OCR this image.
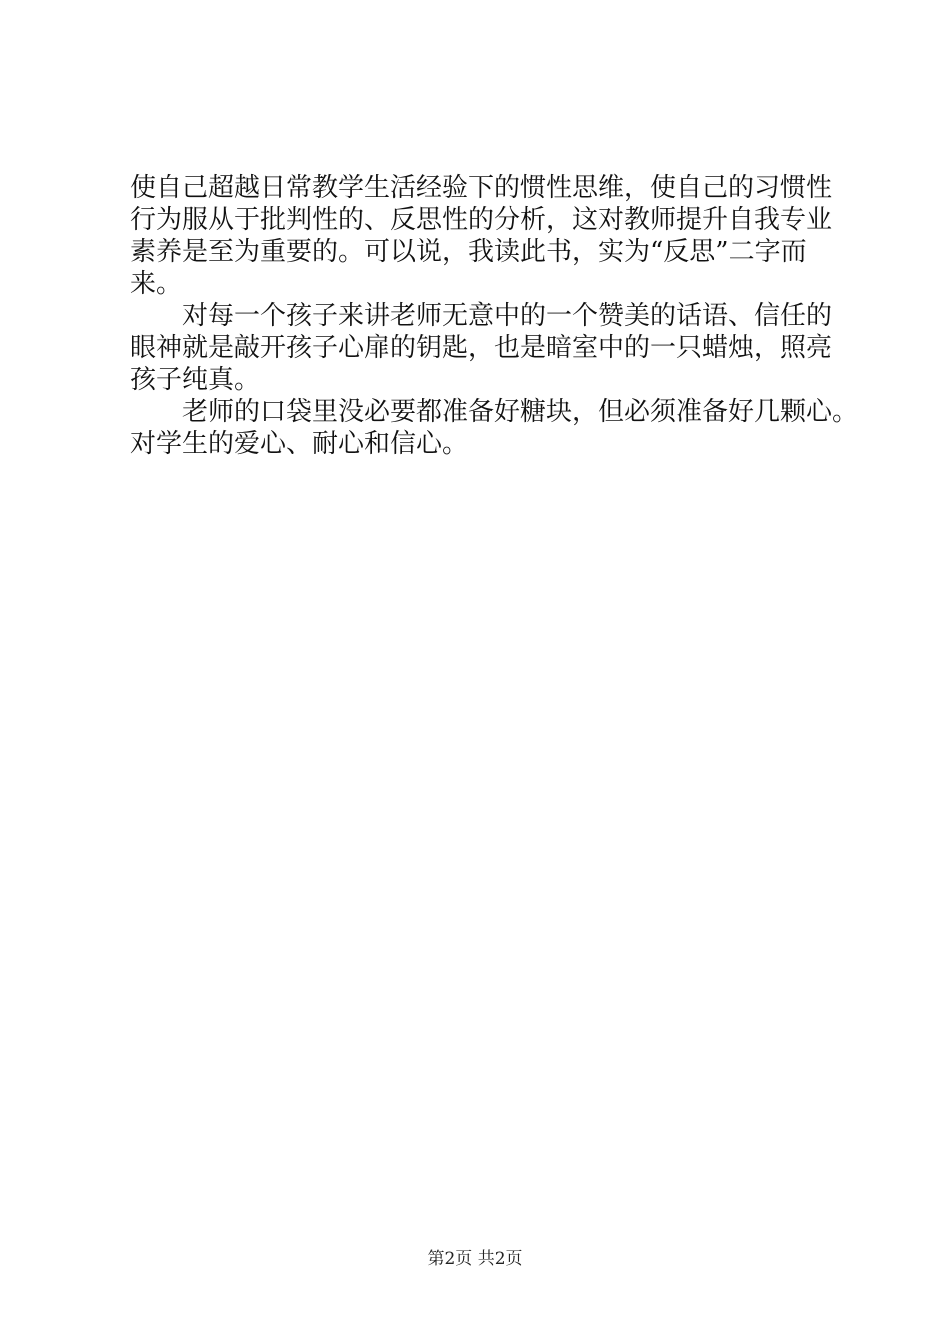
使自己超越日常教学生活经验下的惯性思维，使自己的习惯性
行为服从于批判性的、反思性的分析，这对教师提升自我专业
素养是至为重要的。可以说，我读此书，实为“反思”二字而
来。
　　对每一个孩子来讲老师无意中的一个赞美的话语、信任的
眼神就是敲开孩子心扉的钥匙，也是暗室中的一只蜡烛，照亮
孩子纯真。
　　老师的口袋里没必要都准备好糖块，但必须准备好几颗心。
对学生的爱心、耐心和信心。
第2页 共2页
